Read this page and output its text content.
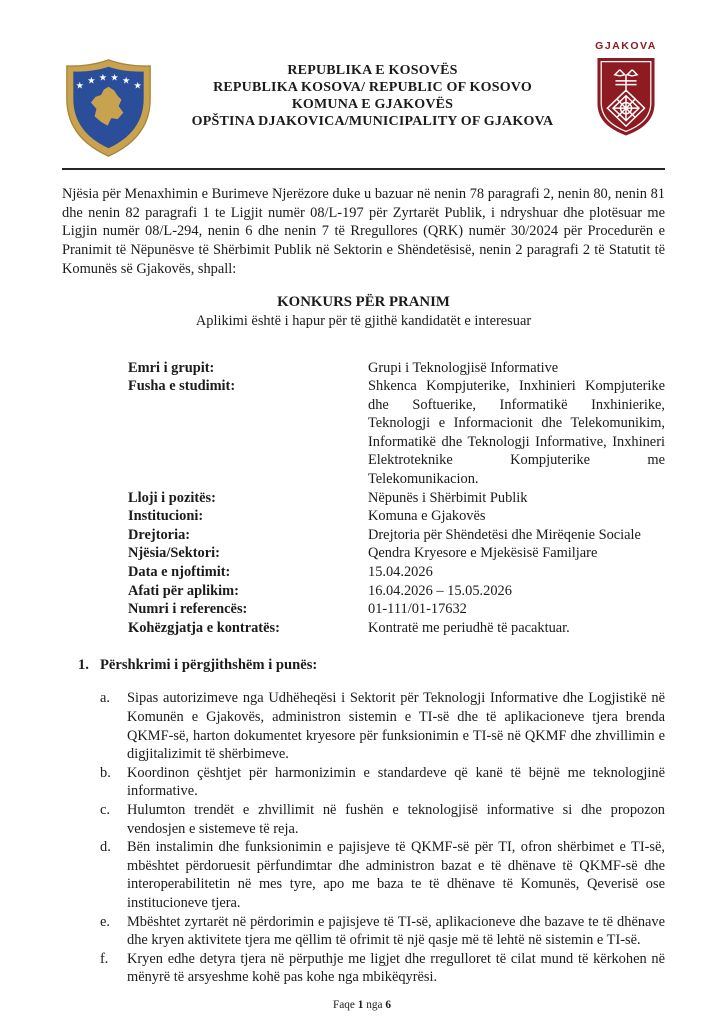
★ ★ ★ ★ ★ ★
REPUBLIKA E KOSOVËS
REPUBLIKA KOSOVA/ REPUBLIC OF KOSOVO
KOMUNA E GJAKOVËS
OPŠTINA DJAKOVICA/MUNICIPALITY OF GJAKOVA
GJAKOVA

Njësia për Menaxhimin e Burimeve Njerëzore duke u bazuar në nenin 78 paragrafi 2, nenin 80, nenin 81 dhe nenin 82 paragrafi 1 te Ligjit numër 08/L-197 për Zyrtarët Publik, i ndryshuar dhe plotësuar me Ligjin numër 08/L-294, nenin 6 dhe nenin 7 të Rregullores (QRK) numër 30/2024 për Procedurën e Pranimit të Nëpunësve të Shërbimit Publik në Sektorin e Shëndetësisë, nenin 2 paragrafi 2 të Statutit të Komunës së Gjakovës, shpall:

KONKURS PËR PRANIM
Aplikimi është i hapur për të gjithë kandidatët e interesuar
Emri i grupit:	Grupi i Teknologjisë Informative
Fusha e studimit:	Shkenca Kompjuterike, Inxhinieri Kompjuterike dhe Softuerike, Informatikë Inxhinierike, Teknologji e Informacionit dhe Telekomunikim, Informatikë dhe Teknologji Informative, Inxhineri Elektroteknike Kompjuterike me Telekomunikacion.
Lloji i pozitës:	Nëpunës i Shërbimit Publik
Institucioni:	Komuna e Gjakovës
Drejtoria:	Drejtoria për Shëndetësi dhe Mirëqenie Sociale
Njësia/Sektori:	Qendra Kryesore e Mjekësisë Familjare
Data e njoftimit:	15.04.2026
Afati për aplikim:	16.04.2026 – 15.05.2026
Numri i referencës:	01-111/01-17632
Kohëzgjatja e kontratës:	Kontratë me periudhë të pacaktuar.
1. Përshkrimi i përgjithshëm i punës:
a.	Sipas autorizimeve nga Udhëheqësi i Sektorit për Teknologji Informative dhe Logjistikë në Komunën e Gjakovës, administron sistemin e TI-së dhe të aplikacioneve tjera brenda QKMF-së, harton dokumentet kryesore për funksionimin e TI-së në QKMF dhe zhvillimin e digjitalizimit të shërbimeve.
b.	Koordinon çështjet për harmonizimin e standardeve që kanë të bëjnë me teknologjinë informative.
c.	Hulumton trendët e zhvillimit në fushën e teknologjisë informative si dhe propozon vendosjen e sistemeve të reja.
d.	Bën instalimin dhe funksionimin e pajisjeve të QKMF-së për TI, ofron shërbimet e TI-së, mbështet përdoruesit përfundimtar dhe administron bazat e të dhënave të QKMF-së dhe interoperabilitetin në mes tyre, apo me baza te të dhënave të Komunës, Qeverisë ose institucioneve tjera.
e.	Mbështet zyrtarët në përdorimin e pajisjeve të TI-së, aplikacioneve dhe bazave te të dhënave dhe kryen aktivitete tjera me qëllim të ofrimit të një qasje më të lehtë në sistemin e TI-së.
f.	Kryen edhe detyra tjera në përputhje me ligjet dhe rregulloret të cilat mund të kërkohen në mënyrë të arsyeshme kohë pas kohe nga mbikëqyrësi.
Faqe 1 nga 6
